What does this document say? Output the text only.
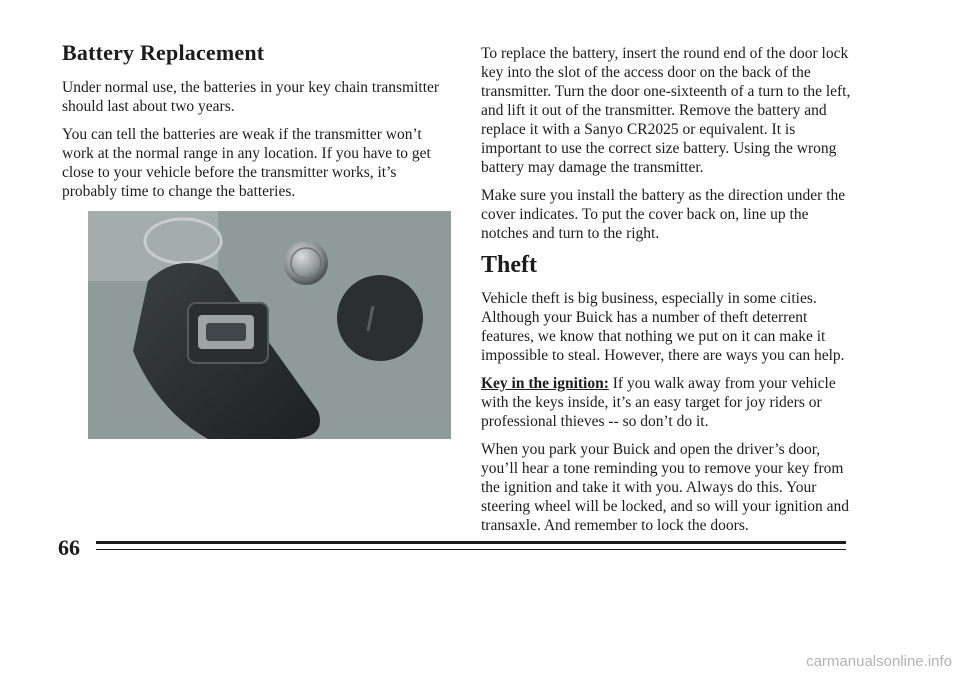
Battery Replacement

Under normal use, the batteries in your key chain transmitter should last about two years.

You can tell the batteries are weak if the transmitter won’t work at the normal range in any location. If you have to get close to your vehicle before the transmitter works, it’s probably time to change the batteries.

To replace the battery, insert the round end of the door lock key into the slot of the access door on the back of the transmitter. Turn the door one-sixteenth of a turn to the left, and lift it out of the transmitter. Remove the battery and replace it with a Sanyo CR2025 or equivalent. It is important to use the correct size battery. Using the wrong battery may damage the transmitter.

Make sure you install the battery as the direction under the cover indicates. To put the cover back on, line up the notches and turn to the right.

Theft

Vehicle theft is big business, especially in some cities. Although your Buick has a number of theft deterrent features, we know that nothing we put on it can make it impossible to steal. However, there are ways you can help.

Key in the ignition: If you walk away from your vehicle with the keys inside, it’s an easy target for joy riders or professional thieves -- so don’t do it.

When you park your Buick and open the driver’s door, you’ll hear a tone reminding you to remove your key from the ignition and take it with you. Always do this. Your steering wheel will be locked, and so will your ignition and transaxle. And remember to lock the doors.

66
carmanualsonline.info
